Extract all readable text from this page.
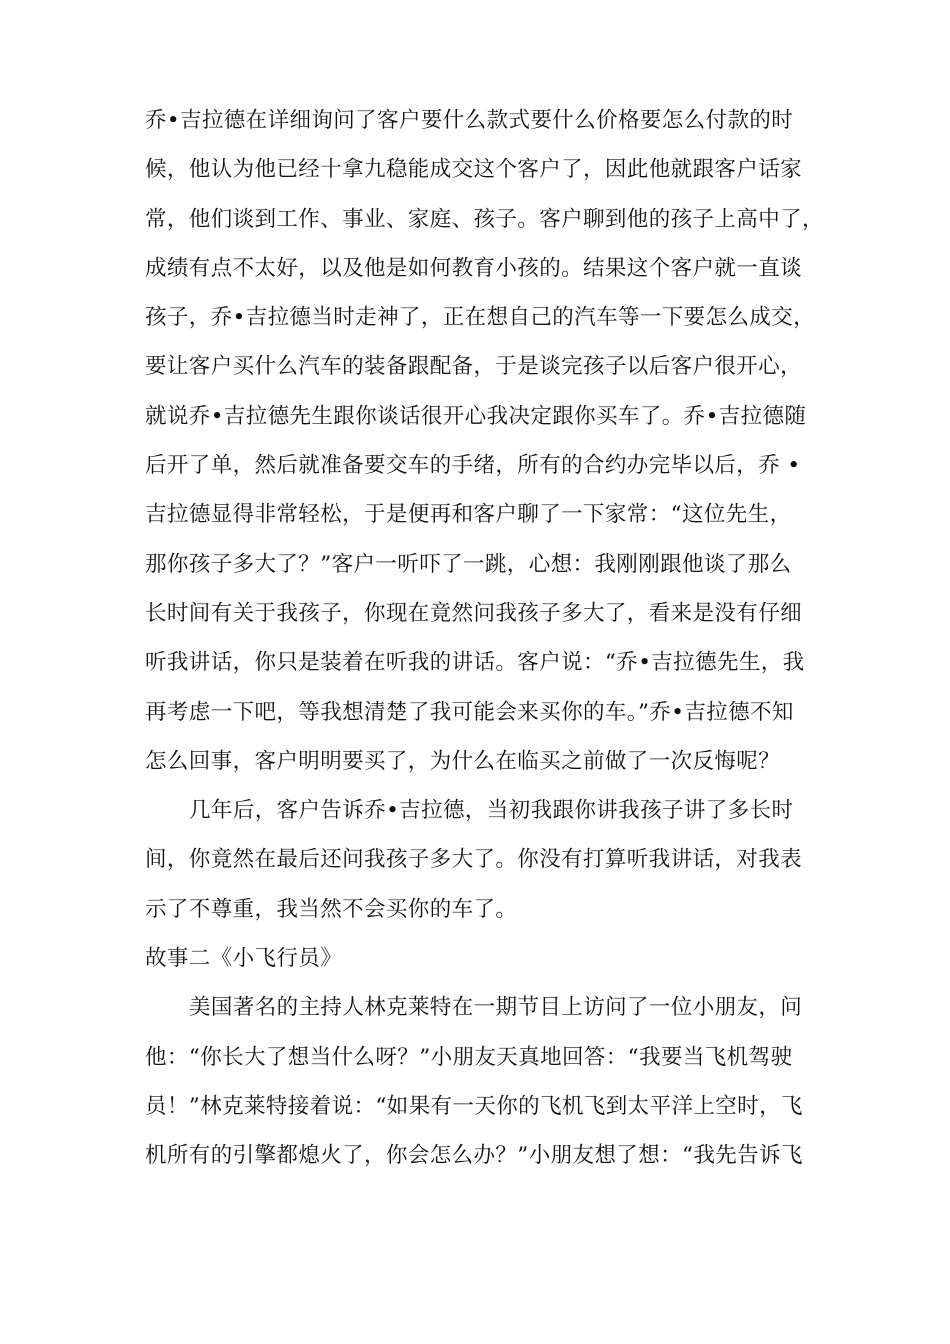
乔•吉拉德在详细询问了客户要什么款式要什么价格要怎么付款的时
候，他认为他已经十拿九稳能成交这个客户了，因此他就跟客户话家
常，他们谈到工作、事业、家庭、孩子。客户聊到他的孩子上高中了，
成绩有点不太好，以及他是如何教育小孩的。结果这个客户就一直谈
孩子，乔•吉拉德当时走神了，正在想自己的汽车等一下要怎么成交，
要让客户买什么汽车的装备跟配备，于是谈完孩子以后客户很开心，
就说乔•吉拉德先生跟你谈话很开心我决定跟你买车了。乔•吉拉德随
后开了单，然后就准备要交车的手绪，所有的合约办完毕以后，乔 •
吉拉德显得非常轻松，于是便再和客户聊了一下家常：“这位先生，
那你孩子多大了？”客户一听吓了一跳，心想：我刚刚跟他谈了那么
长时间有关于我孩子，你现在竟然问我孩子多大了，看来是没有仔细
听我讲话，你只是装着在听我的讲话。客户说：“乔•吉拉德先生，我
再考虑一下吧，等我想清楚了我可能会来买你的车。”乔•吉拉德不知
怎么回事，客户明明要买了，为什么在临买之前做了一次反悔呢？
几年后，客户告诉乔•吉拉德，当初我跟你讲我孩子讲了多长时
间，你竟然在最后还问我孩子多大了。你没有打算听我讲话，对我表
示了不尊重，我当然不会买你的车了。
故事二《小飞行员》
美国著名的主持人林克莱特在一期节目上访问了一位小朋友，问
他：“你长大了想当什么呀？”小朋友天真地回答：“我要当飞机驾驶
员！”林克莱特接着说：“如果有一天你的飞机飞到太平洋上空时，飞
机所有的引擎都熄火了，你会怎么办？”小朋友想了想：“我先告诉飞
